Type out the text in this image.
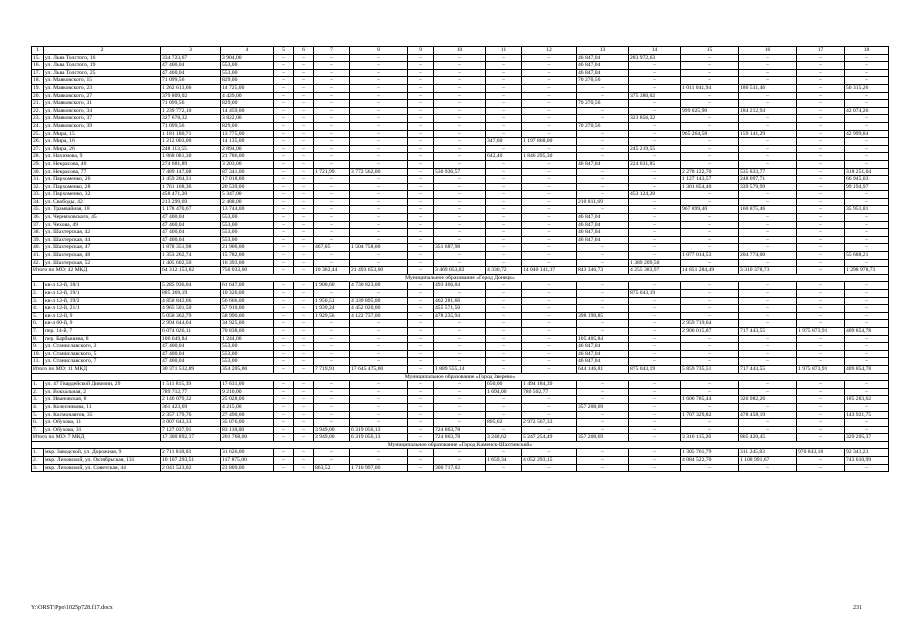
1	2	3	4	5	6	7	8	9	10	11	12	13	14	15	16	17	18
15.	ул. Льва Толстого, 16	334 723,67	3 904,00	–	–	–	–	–	–	–	–	46 847,04	283 972,63	–	–	–	–
16.	ул. Льва Толстого, 19	47 400,04	553,00	–	–	–	–	–	–	–	–	46 847,04	–	–	–	–	–
17.	ул. Льва Толстого, 25	47 400,04	553,00	–	–	–	–	–	–	–	–	46 847,04	–	–	–	–	–
18.	ул. Маяковского, 15	71 099,56	829,00	–	–	–	–	–	–	–	–	70 270,56	–	–	–	–	–
19.	ул. Маяковского, 23	1 262 613,66	14 725,00	–	–	–	–	–	–	–	–	–	–	1 011 041,94	186 531,46	–	50 315,26
20.	ул. Маяковского, 27	379 809,02	4 429,00	–	–	–	–	–	–	–	–	–	375 380,02	–	–	–	–
21.	ул. Маяковского, 31	71 099,56	829,00	–	–	–	–	–	–	–	–	70 270,56	–	–	–	–	–
22.	ул. Маяковского, 34	1 239 772,10	14 459,00	–	–	–	–	–	–	–	–	–	–	999 025,90	184 212,94	–	42 074,26
23.	ул. Маяковского, 37	327 678,32	3 822,00	–	–	–	–	–	–	–	–	–	323 856,32	–	–	–	–
24.	ул. Маяковского, 39	71 099,56	829,00	–	–	–	–	–	–	–	–	70 270,56	–	–	–	–	–
25.	ул. Мира, 15	1 181 180,71	13 775,00	–	–	–	–	–	–	–	–	–	–	965 264,58	159 141,29	–	42 999,84
26.	ул. Мира, 16	1 212 003,00	14 135,00	–	–	–	–	–	–	347,60	1 197 868,00	–	–	–	–	–	–
27.	ул. Мира, 26	248 113,55	2 894,00	–	–	–	–	–	–	–	–	–	245 219,55	–	–	–	–
28.	ул. Нахимова, 9	1 868 081,30	21 786,00	–	–	–	–	–	–	642,40	1 846 295,30	–	–	–	–	–	–
29.	ул. Некрасова, 46	274 681,89	3 203,00	–	–	–	–	–	–	–	–	46 847,04	224 631,85	–	–	–	–
30.	ул. Некрасова, 77	7 489 147,08	87 341,00	–	–	1 721,99	3 772 562,00	–	536 936,57	–	–	–	–	2 278 122,70	535 833,77	–	318 251,04
31.	ул. Пархоменко, 26	1 459 204,31	17 018,00	–	–	–	–	–	–	–	–	–	–	1 127 143,57	248 097,71	–	66 945,03
32.	ул. Пархоменко, 28	1 761 168,36	20 539,00	–	–	–	–	–	–	–	–	–	–	1 301 854,40	339 579,99	–	99 194,97
33.	ул. Пархоменко, 32	458 471,20	5 347,00	–	–	–	–	–	–	–	–	–	453 124,20	–	–	–	–
34.	ул. Свободы, 42	213 299,69	2 488,00	–	–	–	–	–	–	–	–	210 811,69	–	–	–	–	–
35.	ул. Трамвайная, 18	1 178 470,67	13 744,00	–	–	–	–	–	–	–	–	–	–	967 899,40	160 875,46	–	35 951,81
36.	ул. Черняховского, 45	47 400,04	553,00	–	–	–	–	–	–	–	–	46 847,04	–	–	–	–	–
37.	ул. Чехова, 49	47 400,04	553,00	–	–	–	–	–	–	–	–	46 847,04	–	–	–	–	–
38.	ул. Шахтерская, 42	47 400,04	553,00	–	–	–	–	–	–	–	–	46 847,04	–	–	–	–	–
39.	ул. Шахтерская, 44	47 400,04	553,00	–	–	–	–	–	–	–	–	46 847,04	–	–	–	–	–
40.	ул. Шахтерская, 47	1 878 351,98	21 906,00	–	–	467,85	1 504 758,00	–	351 687,98	–	–	–	–	–	–	–	–
41.	ул. Шахтерская, 48	1 353 262,74	15 782,00	–	–	–	–	–	–	–	–	–	–	1 077 014,53	204 774,00	–	55 688,21
42.	ул. Шахтерская, 52	1 405 602,50	16 393,00	–	–	–	–	–	–	–	–	–	1 389 209,50	–	–	–	–
Итого по МО: 42 МКД		64 312 153,82	750 033,00	–	–	10 362,44	21 493 653,00	–	3 469 053,82	4 330,72	14 040 141,37	843 346,73	4 255 383,97	14 851 284,49	3 310 378,73	–	1 298 978,71
Муниципальное образование «Город Донецк»																	
1.	кв-л 12-й, 18/1	5 285 936,04	61 647,00	–	–	1 900,60	4 730 823,00	–	493 466,04	–	–	–	–	–	–	–	–
2.	кв-л 12-й, 19/1	885 369,19	10 326,00	–	–	–	–	–	–	–	–	–	875 043,19	–	–	–	–
3.	кв-л 12-й, 19/2	4 858 842,66	56 666,00	–	–	1 950,51	4 339 895,00	–	462 281,66	–	–	–	–	–	–	–	–
4.	кв-л 12-й, 21/1	4 965 501,50	57 910,00	–	–	1 939,24	4 452 020,00	–	455 571,50	–	–	–	–	–	–	–	–
5.	кв-л 12-й, 9	5 058 362,79	58 990,00	–	–	1 929,56	4 122 737,00	–	478 235,94	–	–	398 199,85	–	–	–	–	–
6.	кв-л 60-й, 9	2 994 644,64	34 925,00	–	–	–	–	–	–	–	–	–	–	2 959 719,64	–	–	–
7.	пер. 14-й, 7	6 074 026,11	70 838,00	–	–	–	–	–	–	–	–	–	–	2 900 015,87	717 443,55	1 975 873,91	409 854,78
8.	пер. Барбышева, 8	106 649,84	1 244,00	–	–	–	–	–	–	–	–	105 405,84	–	–	–	–	–
9.	ул. Станиславского, 3	47 400,04	553,00	–	–	–	–	–	–	–	–	46 847,04	–	–	–	–	–
10.	ул. Станиславского, 5	47 400,04	553,00	–	–	–	–	–	–	–	–	46 847,04	–	–	–	–	–
11.	ул. Станиславского, 7	47 400,04	553,00	–	–	–	–	–	–	–	–	46 847,04	–	–	–	–	–
Итого по МО: 11 МКД		30 371 532,89	354 205,00	–	–	7 719,91	17 645 475,00	–	1 889 555,14	–	–	644 146,81	875 043,19	5 859 735,51	717 443,55	1 975 873,91	409 854,78
Муниципальное образование «Город Зверево»																	
1.	ул. 47 Гвардейской Дивизии, 29	1 511 815,39	17 631,00	–	–	–	–	–	–	650,00	1 494 184,39	–	–	–	–	–	–
2.	ул. Вокзальная, 2	789 712,77	9 210,00	–	–	–	–	–	–	1 694,00	780 502,77	–	–	–	–	–	–
3.	ул. Ивановская, 8	2 146 079,32	25 028,00	–	–	–	–	–	–	–	–	–	–	1 606 785,44	326 982,26	–	185 283,62
4.	ул. Колесникова, 11	361 423,69	4 215,00	–	–	–	–	–	–	–	–	357 208,69	–	–	–	–	–
5.	ул. Космонавтов, 35	2 357 179,76	27 490,00	–	–	–	–	–	–	–	–	–	–	1 707 329,82	478 458,19	–	143 921,75
6.	ул. Обухова, 11	3 007 643,33	35 076,00	–	–	–	–	–	–	895,62	2 972 567,33	–	–	–	–	–	–
7.	ул. Обухова, 31	7 127 037,91	83 118,00	–	–	3 949,00	6 319 056,13	–	724 863,78	–	–	–	–	–	–	–	–
Итого по МО: 7 МКД		17 300 892,17	201 768,00	–	–	3 949,00	6 319 056,13	–	724 863,78	3 248,62	5 247 254,49	357 208,69	–	3 316 115,26	805 420,45	–	329 205,37
Муниципальное образование «Город Каменск-Шахтинский»																	
1.	мкр. Заводской, ул. Дорожная, 9	2 711 818,03	31 626,00	–	–	–	–	–	–	–	–	–	–	1 305 761,79	311 245,83	970 843,18	92 341,23
2.	мкр. Лиховской, ул. Октябрьская, 131	10 107 293,51	117 875,00	–	–	–	–	–	–	1 659,34	4 052 293,15	–	–	4 084 522,70	1 108 991,67	–	743 610,99
3.	мкр. Лиховской, ул. Советская, 44	2 041 523,02	23 809,00	–	–	863,52	1 716 997,00	–	300 717,02	–	–	–	–	–	–	–	–
Y:\ORST\Ppo\1025p728.f17.docx	231
